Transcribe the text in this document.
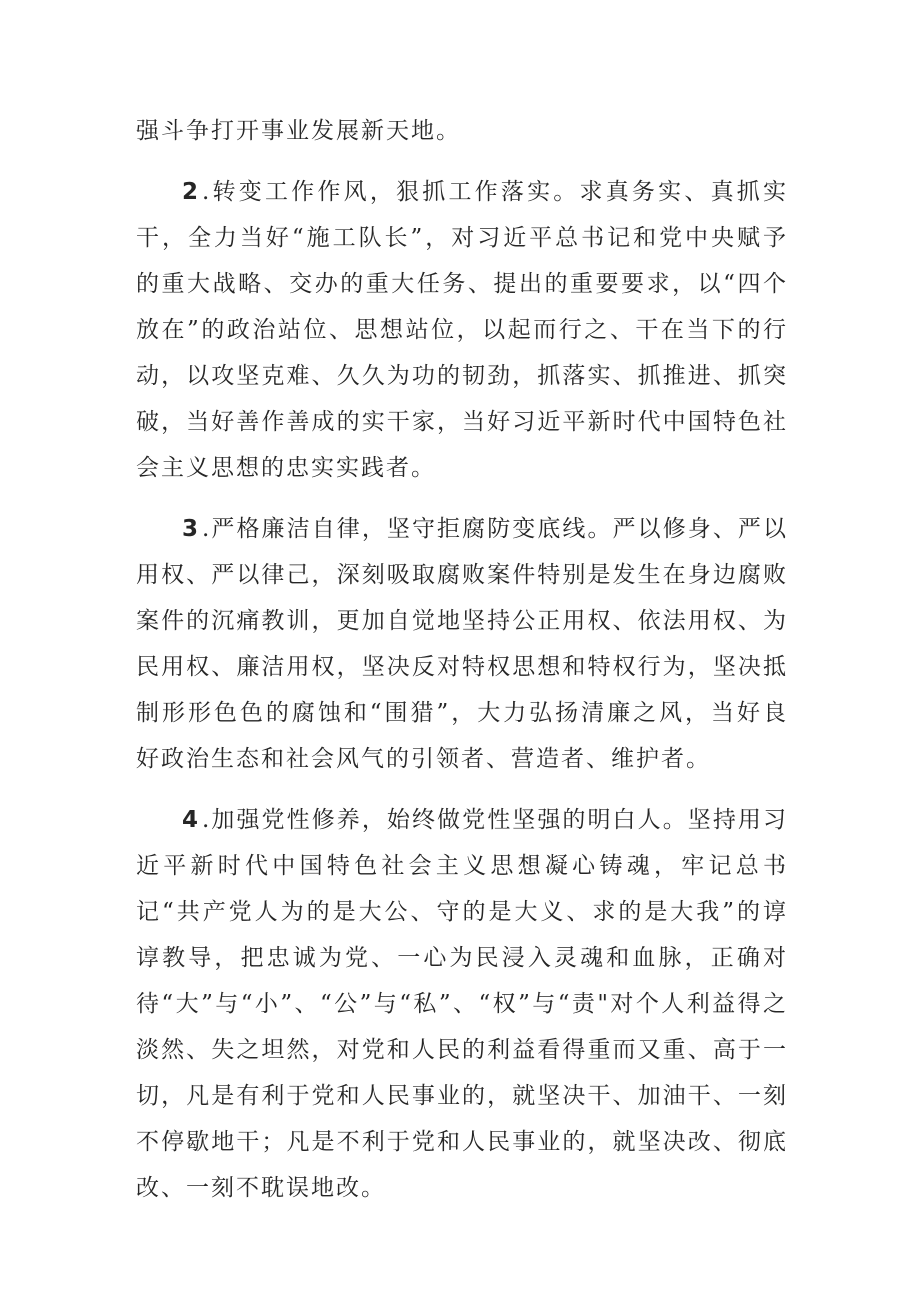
强斗争打开事业发展新天地。

2.转变工作作风，狠抓工作落实。求真务实、真抓实干，全力当好“施工队长”，对习近平总书记和党中央赋予的重大战略、交办的重大任务、提出的重要要求，以“四个放在”的政治站位、思想站位，以起而行之、干在当下的行动，以攻坚克难、久久为功的韧劲，抓落实、抓推进、抓突破，当好善作善成的实干家，当好习近平新时代中国特色社会主义思想的忠实实践者。

3.严格廉洁自律，坚守拒腐防变底线。严以修身、严以用权、严以律己，深刻吸取腐败案件特别是发生在身边腐败案件的沉痛教训，更加自觉地坚持公正用权、依法用权、为民用权、廉洁用权，坚决反对特权思想和特权行为，坚决抵制形形色色的腐蚀和“围猎”，大力弘扬清廉之风，当好良好政治生态和社会风气的引领者、营造者、维护者。

4.加强党性修养，始终做党性坚强的明白人。坚持用习近平新时代中国特色社会主义思想凝心铸魂，牢记总书记“共产党人为的是大公、守的是大义、求的是大我”的谆谆教导，把忠诚为党、一心为民浸入灵魂和血脉，正确对待“大”与“小”、“公”与“私”、“权”与“责"对个人利益得之淡然、失之坦然，对党和人民的利益看得重而又重、高于一切，凡是有利于党和人民事业的，就坚决干、加油干、一刻不停歇地干；凡是不利于党和人民事业的，就坚决改、彻底改、一刻不耽误地改。
